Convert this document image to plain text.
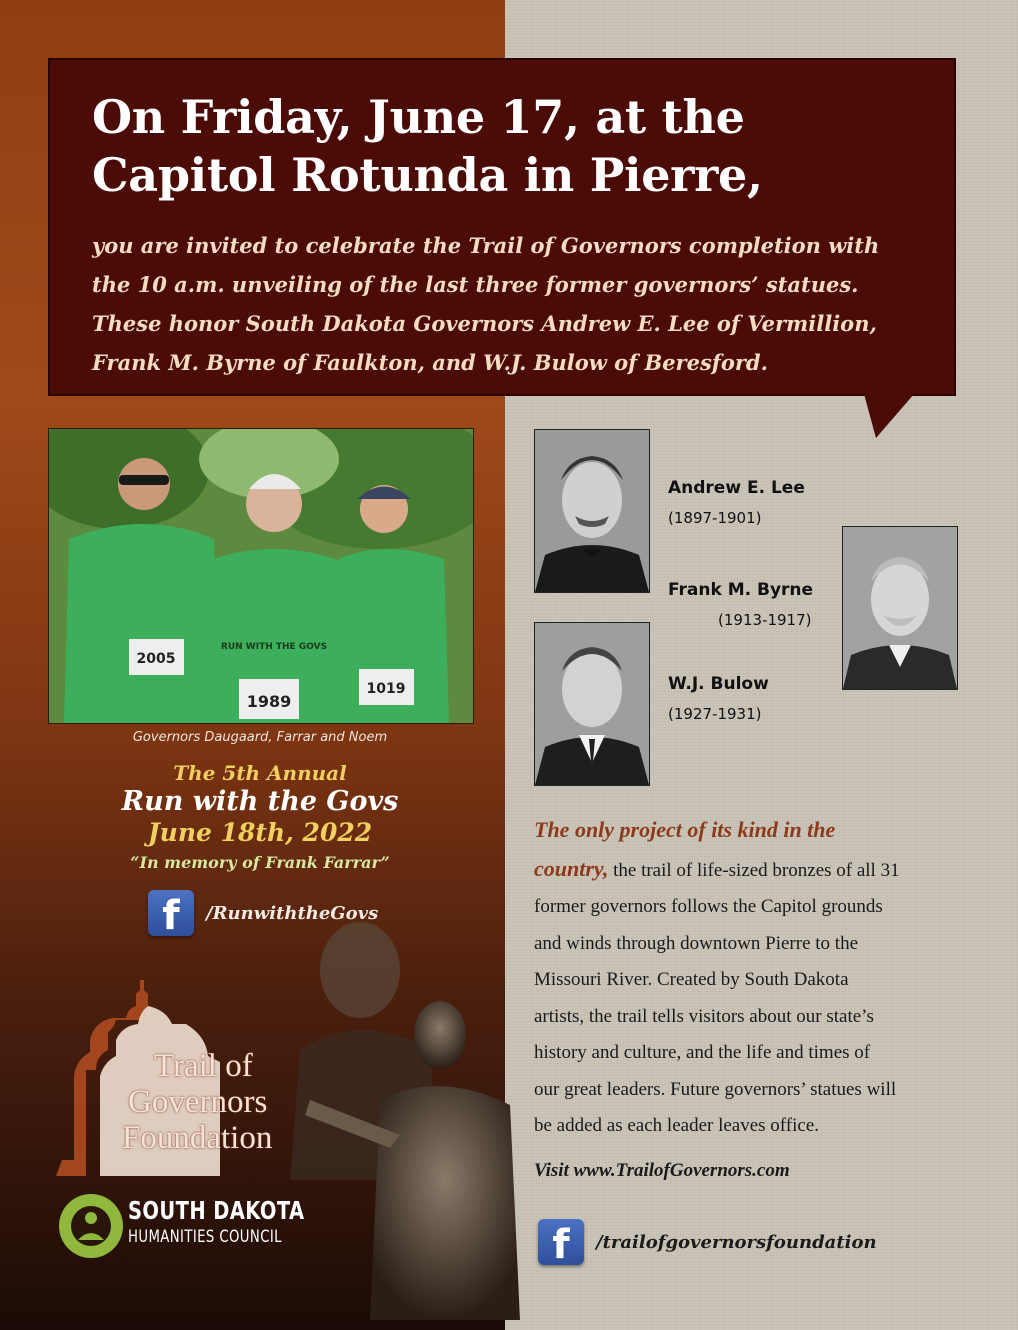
On Friday, June 17, at the
Capitol Rotunda in Pierre,

you are invited to celebrate the Trail of Governors completion with
the 10 a.m. unveiling of the last three former governors’ statues.
These honor South Dakota Governors Andrew E. Lee of Vermillion,
Frank M. Byrne of Faulkton, and W.J. Bulow of Beresford.

1989
RUN WITH THE GOVS
1019
2005
Governors Daugaard, Farrar and Noem
The 5th Annual
Run with the Govs
June 18th, 2022
“In memory of Frank Farrar”
f	/RunwiththeGovs
Trail of
Governors
Foundation
SOUTH DAKOTA
HUMANITIES COUNCIL
Andrew E. Lee
(1897-1901)
Frank M. Byrne
(1913-1917)
W.J. Bulow
(1927-1931)
The only project of its kind in the
country, the trail of life-sized bronzes of all 31
former governors follows the Capitol grounds
and winds through downtown Pierre to the
Missouri River. Created by South Dakota
artists, the trail tells visitors about our state’s
history and culture, and the life and times of
our great leaders. Future governors’ statues will
be added as each leader leaves office.
Visit www.TrailofGovernors.com
f	/trailofgovernorsfoundation
